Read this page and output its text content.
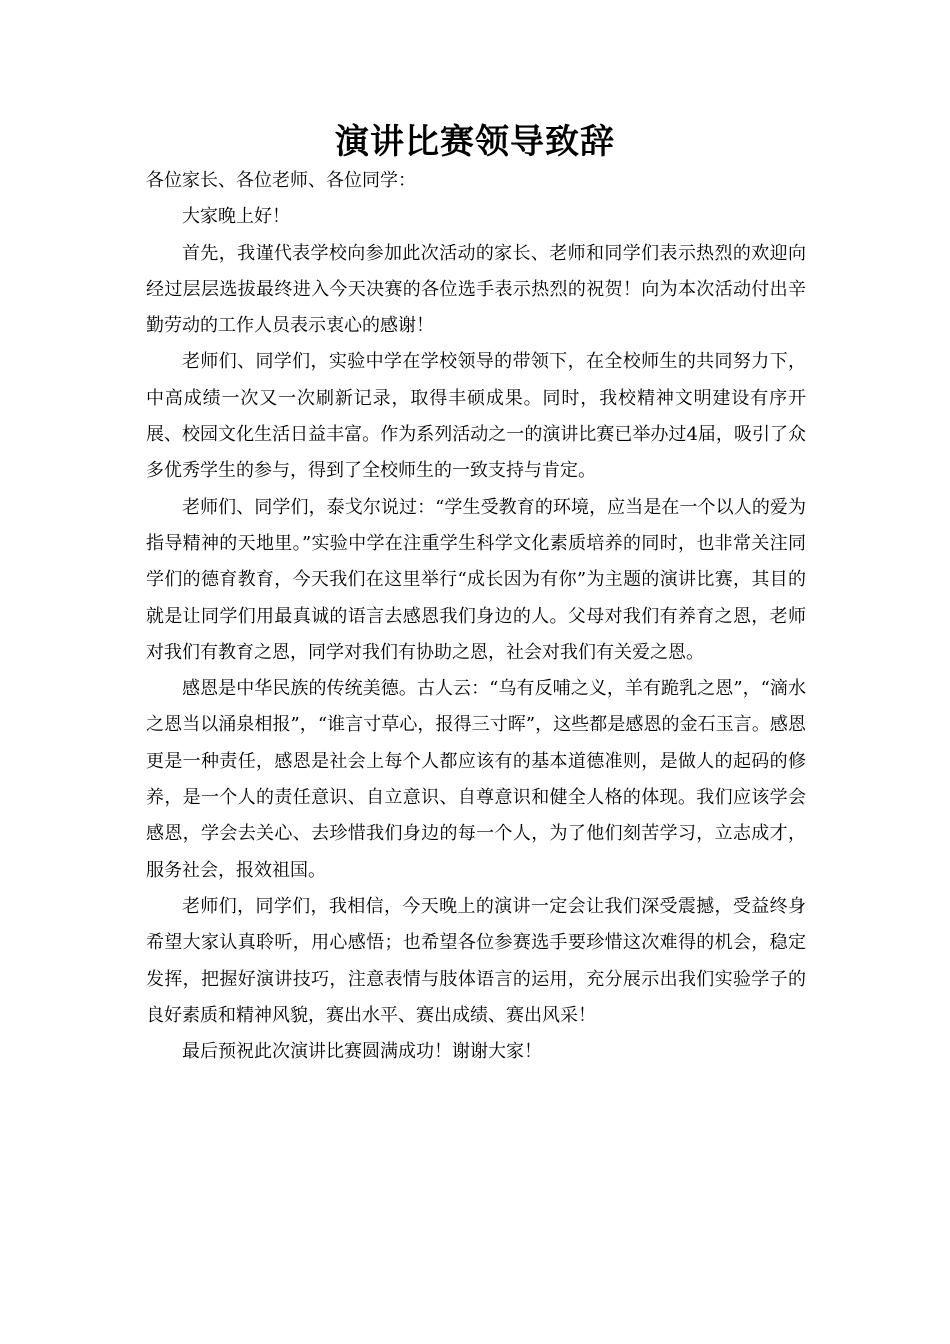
演讲比赛领导致辞

各位家长、各位老师、各位同学：

大家晚上好！

首先，我谨代表学校向参加此次活动的家长、老师和同学们表示热烈的欢迎向经过层层选拔最终进入今天决赛的各位选手表示热烈的祝贺！向为本次活动付出辛勤劳动的工作人员表示衷心的感谢！

老师们、同学们，实验中学在学校领导的带领下，在全校师生的共同努力下，中高成绩一次又一次刷新记录，取得丰硕成果。同时，我校精神文明建设有序开展、校园文化生活日益丰富。作为系列活动之一的演讲比赛已举办过4届，吸引了众多优秀学生的参与，得到了全校师生的一致支持与肯定。

老师们、同学们，泰戈尔说过：“学生受教育的环境，应当是在一个以人的爱为指导精神的天地里。”实验中学在注重学生科学文化素质培养的同时，也非常关注同学们的德育教育，今天我们在这里举行“成长因为有你”为主题的演讲比赛，其目的就是让同学们用最真诚的语言去感恩我们身边的人。父母对我们有养育之恩，老师对我们有教育之恩，同学对我们有协助之恩，社会对我们有关爱之恩。

感恩是中华民族的传统美德。古人云：“乌有反哺之义，羊有跪乳之恩”，“滴水之恩当以涌泉相报”，“谁言寸草心，报得三寸晖”，这些都是感恩的金石玉言。感恩更是一种责任，感恩是社会上每个人都应该有的基本道德准则，是做人的起码的修养，是一个人的责任意识、自立意识、自尊意识和健全人格的体现。我们应该学会感恩，学会去关心、去珍惜我们身边的每一个人，为了他们刻苦学习，立志成才，服务社会，报效祖国。

老师们，同学们，我相信，今天晚上的演讲一定会让我们深受震撼，受益终身希望大家认真聆听，用心感悟；也希望各位参赛选手要珍惜这次难得的机会，稳定发挥，把握好演讲技巧，注意表情与肢体语言的运用，充分展示出我们实验学子的良好素质和精神风貌，赛出水平、赛出成绩、赛出风采！

最后预祝此次演讲比赛圆满成功！谢谢大家！
